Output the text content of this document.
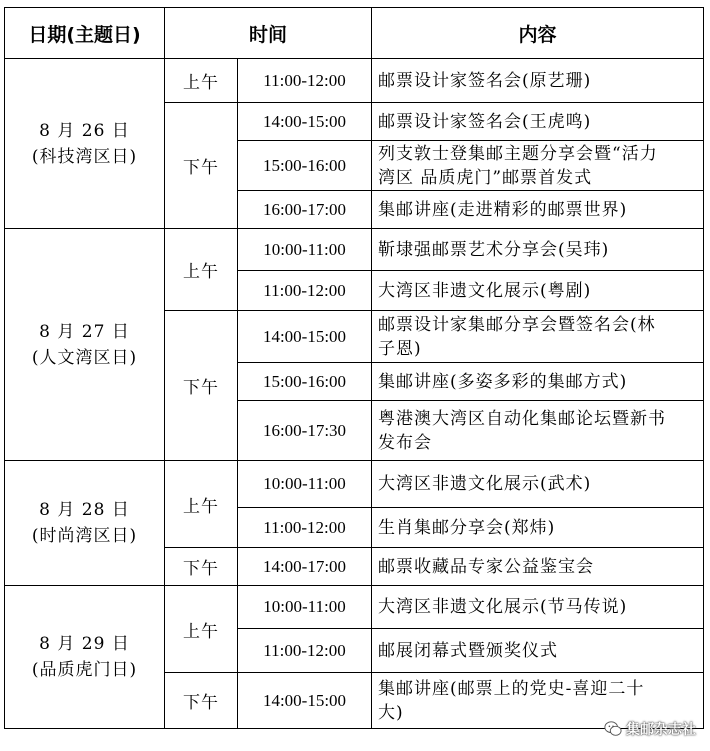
日期(主题日)	时间		内容

8 月 26 日
(科技湾区日)	上午	11:00-12:00	邮票设计家签名会(原艺珊)

	下午	14:00-15:00	邮票设计家签名会(王虎鸣)

		15:00-16:00	列支敦士登集邮主题分享会暨“活力
湾区 品质虎门”邮票首发式

		16:00-17:00	集邮讲座(走进精彩的邮票世界)

8 月 27 日
(人文湾区日)	上午	10:00-11:00	靳埭强邮票艺术分享会(吴玮)

		11:00-12:00	大湾区非遗文化展示(粤剧)

	下午	14:00-15:00	邮票设计家集邮分享会暨签名会(林
子恩)

		15:00-16:00	集邮讲座(多姿多彩的集邮方式)

		16:00-17:30	粤港澳大湾区自动化集邮论坛暨新书
发布会

8 月 28 日
(时尚湾区日)	上午	10:00-11:00	大湾区非遗文化展示(武术)

		11:00-12:00	生肖集邮分享会(郑炜)

	下午	14:00-17:00	邮票收藏品专家公益鉴宝会

8 月 29 日
(品质虎门日)	上午	10:00-11:00	大湾区非遗文化展示(节马传说)

		11:00-12:00	邮展闭幕式暨颁奖仪式

	下午	14:00-15:00	集邮讲座(邮票上的党史-喜迎二十
大)
集邮杂志社
